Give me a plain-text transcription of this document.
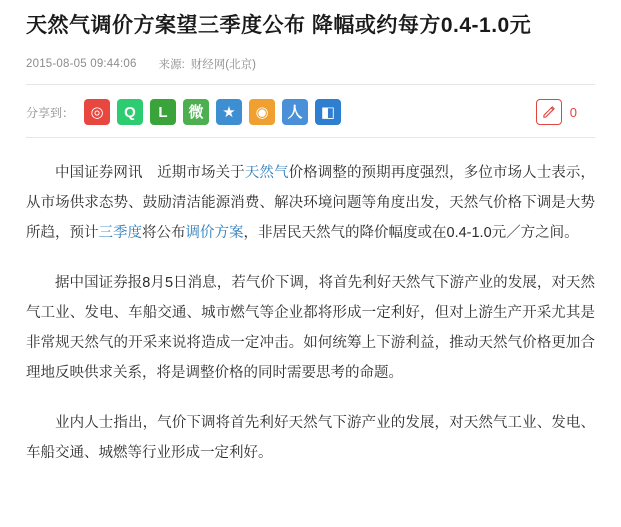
天然气调价方案望三季度公布 降幅或约每方0.4-1.0元
2015-08-05 09:44:06 来源: 财经网(北京)
分享到：	◎	Q	L	微	★	◉	人	◧	0

中国证券网讯　近期市场关于天然气价格调整的预期再度强烈，多位市场人士表示，从市场供求态势、鼓励清洁能源消费、解决环境问题等角度出发，天然气价格下调是大势所趋，预计三季度将公布调价方案，非居民天然气的降价幅度或在0.4-1.0元／方之间。

据中国证券报8月5日消息，若气价下调，将首先利好天然气下游产业的发展，对天然气工业、发电、车船交通、城市燃气等企业都将形成一定利好，但对上游生产开采尤其是非常规天然气的开采来说将造成一定冲击。如何统筹上下游利益，推动天然气价格更加合理地反映供求关系，将是调整价格的同时需要思考的命题。

业内人士指出，气价下调将首先利好天然气下游产业的发展，对天然气工业、发电、车船交通、城燃等行业形成一定利好。
